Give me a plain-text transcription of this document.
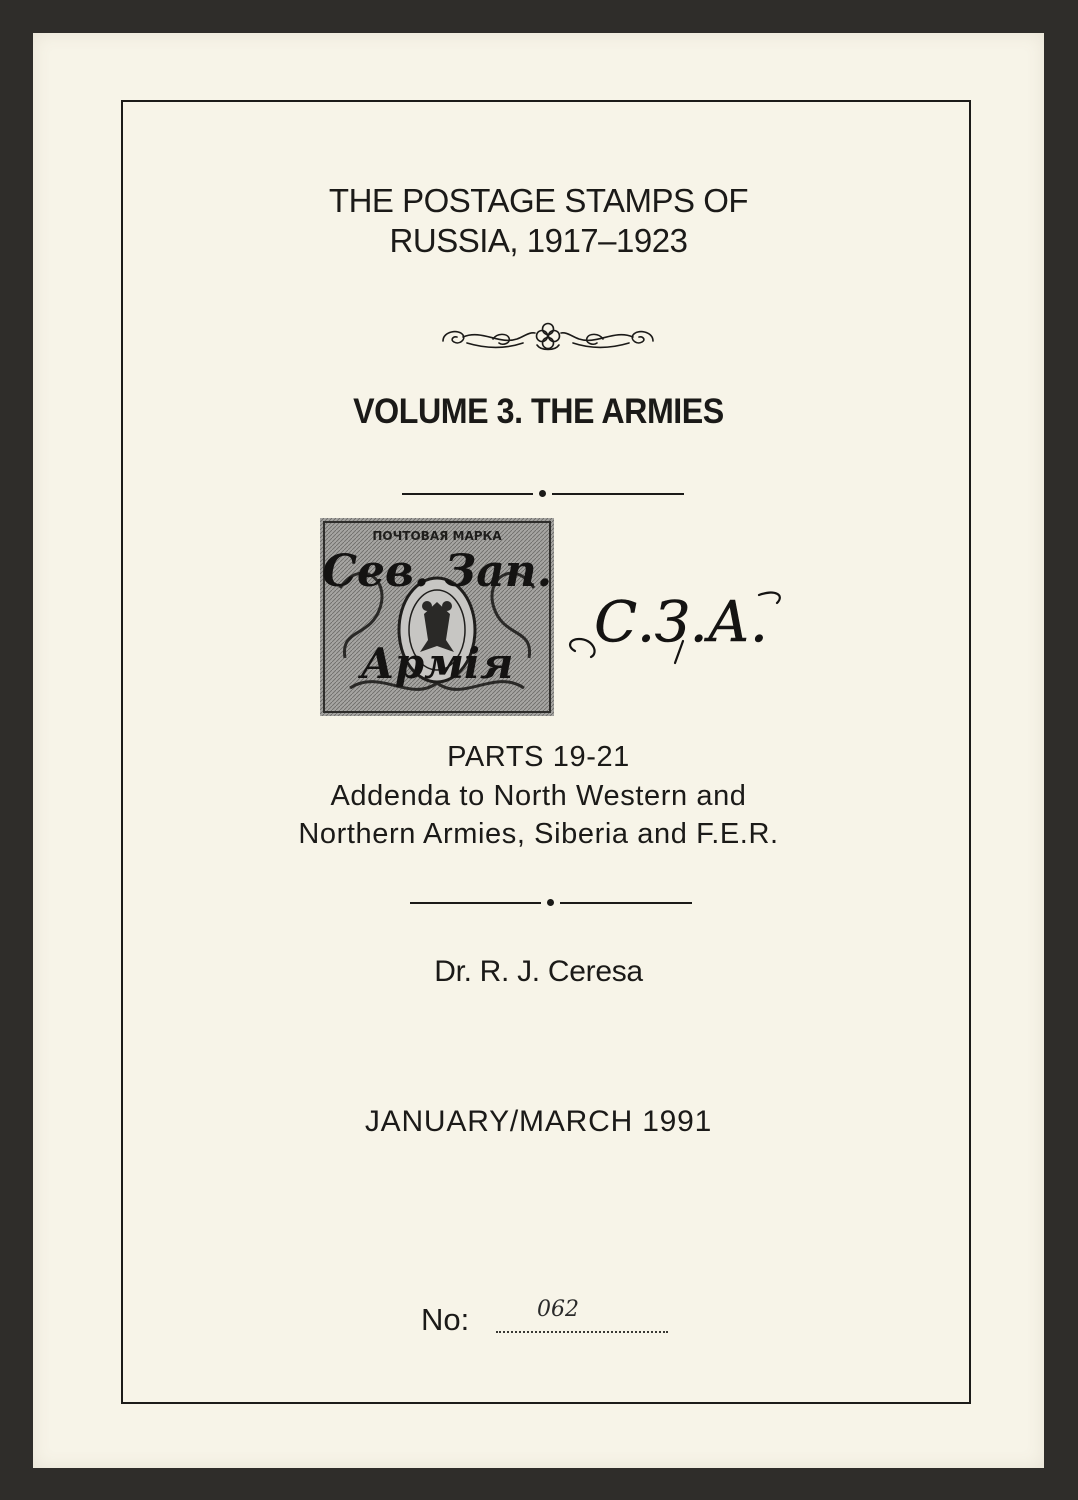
THE POSTAGE STAMPS OF
RUSSIA, 1917–1923
VOLUME 3. THE ARMIES
ПОЧТОВАЯ МАРКА
Сев. Зап.
Армія
С.З.А.

PARTS 19-21

Addenda to North Western and
Northern Armies, Siberia and F.E.R.

Dr. R. J. Ceresa

JANUARY/MARCH 1991

No:	062
